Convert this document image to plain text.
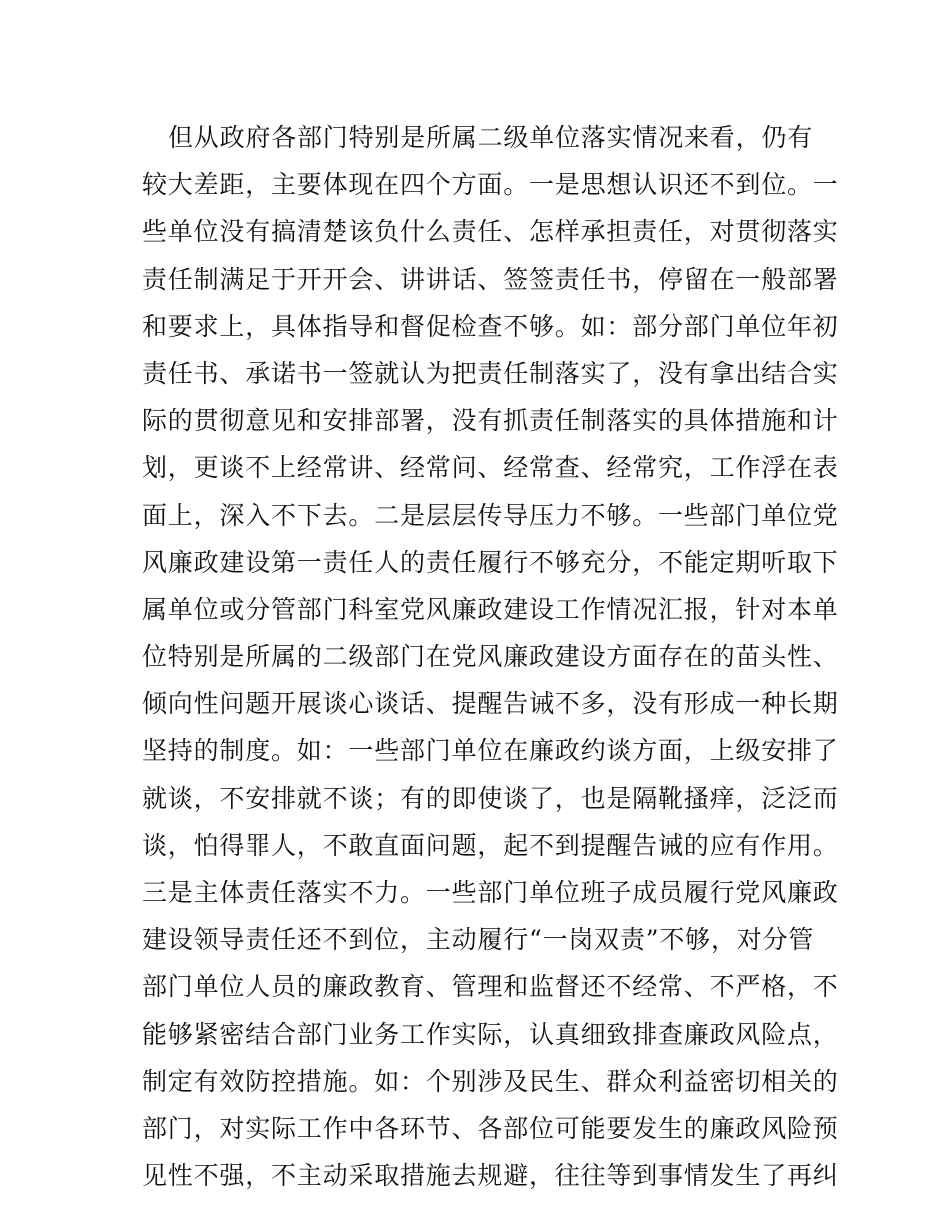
但从政府各部门特别是所属二级单位落实情况来看，仍有
较大差距，主要体现在四个方面。一是思想认识还不到位。一
些单位没有搞清楚该负什么责任、怎样承担责任，对贯彻落实
责任制满足于开开会、讲讲话、签签责任书，停留在一般部署
和要求上，具体指导和督促检查不够。如：部分部门单位年初
责任书、承诺书一签就认为把责任制落实了，没有拿出结合实
际的贯彻意见和安排部署，没有抓责任制落实的具体措施和计
划，更谈不上经常讲、经常问、经常查、经常究，工作浮在表
面上，深入不下去。二是层层传导压力不够。一些部门单位党
风廉政建设第一责任人的责任履行不够充分，不能定期听取下
属单位或分管部门科室党风廉政建设工作情况汇报，针对本单
位特别是所属的二级部门在党风廉政建设方面存在的苗头性、
倾向性问题开展谈心谈话、提醒告诫不多，没有形成一种长期
坚持的制度。如：一些部门单位在廉政约谈方面，上级安排了
就谈，不安排就不谈；有的即使谈了，也是隔靴搔痒，泛泛而
谈，怕得罪人，不敢直面问题，起不到提醒告诫的应有作用。
三是主体责任落实不力。一些部门单位班子成员履行党风廉政
建设领导责任还不到位，主动履行“一岗双责”不够，对分管
部门单位人员的廉政教育、管理和监督还不经常、不严格，不
能够紧密结合部门业务工作实际，认真细致排查廉政风险点，
制定有效防控措施。如：个别涉及民生、群众利益密切相关的
部门，对实际工作中各环节、各部位可能要发生的廉政风险预
见性不强，不主动采取措施去规避，往往等到事情发生了再纠
